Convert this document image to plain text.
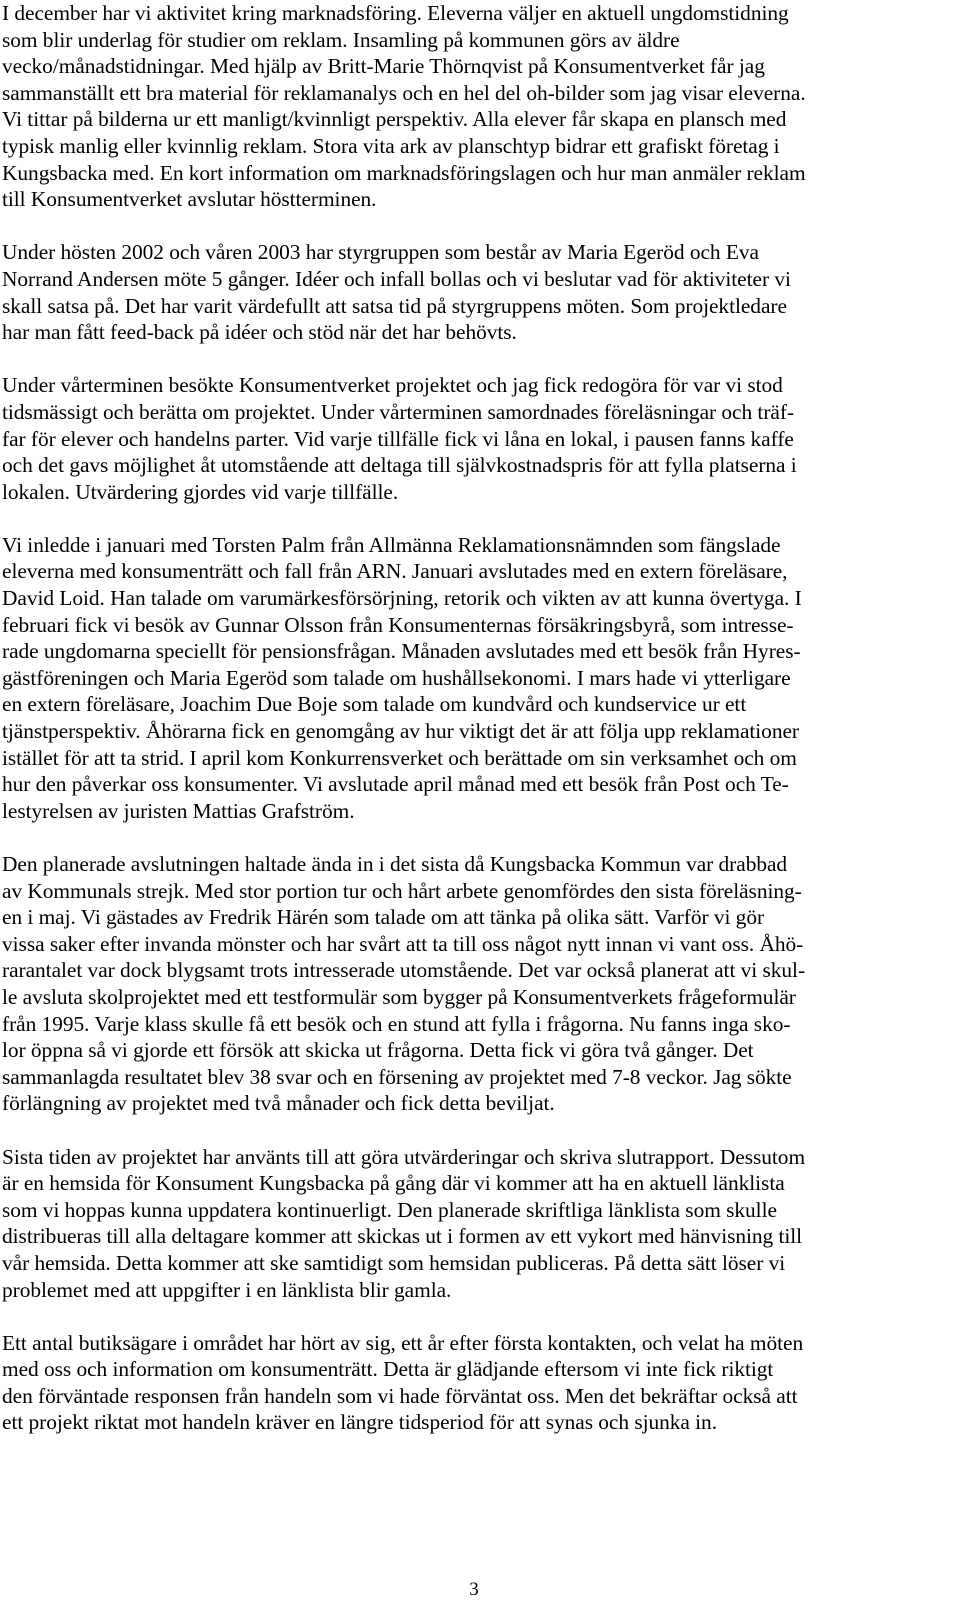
I december har vi aktivitet kring marknadsföring. Eleverna väljer en aktuell ungdomstidning
som blir underlag för studier om reklam. Insamling på kommunen görs av äldre
vecko/månadstidningar. Med hjälp av Britt-Marie Thörnqvist på Konsumentverket får jag
sammanställt ett bra material för reklamanalys och en hel del oh-bilder som jag visar eleverna.
Vi tittar på bilderna ur ett manligt/kvinnligt perspektiv. Alla elever får skapa en plansch med
typisk manlig eller kvinnlig reklam. Stora vita ark av planschtyp bidrar ett grafiskt företag i
Kungsbacka med. En kort information om marknadsföringslagen och hur man anmäler reklam
till Konsumentverket avslutar höstterminen.

Under hösten 2002 och våren 2003 har styrgruppen som består av Maria Egeröd och Eva
Norrand Andersen möte 5 gånger. Idéer och infall bollas och vi beslutar vad för aktiviteter vi
skall satsa på. Det har varit värdefullt att satsa tid på styrgruppens möten. Som projektledare
har man fått feed-back på idéer och stöd när det har behövts.

Under vårterminen besökte Konsumentverket projektet och jag fick redogöra för var vi stod
tidsmässigt och berätta om projektet. Under vårterminen samordnades föreläsningar och träf-
far för elever och handelns parter. Vid varje tillfälle fick vi låna en lokal, i pausen fanns kaffe
och det gavs möjlighet åt utomstående att deltaga till självkostnadspris för att fylla platserna i
lokalen. Utvärdering gjordes vid varje tillfälle.

Vi inledde i januari med Torsten Palm från Allmänna Reklamationsnämnden som fängslade
eleverna med konsumenträtt och fall från ARN. Januari avslutades med en extern föreläsare,
David Loid. Han talade om varumärkesförsörjning, retorik och vikten av att kunna övertyga. I
februari fick vi besök av Gunnar Olsson från Konsumenternas försäkringsbyrå, som intresse-
rade ungdomarna speciellt för pensionsfrågan. Månaden avslutades med ett besök från Hyres-
gästföreningen och Maria Egeröd som talade om hushållsekonomi. I mars hade vi ytterligare
en extern föreläsare, Joachim Due Boje som talade om kundvård och kundservice ur ett
tjänstperspektiv. Åhörarna fick en genomgång av hur viktigt det är att följa upp reklamationer
istället för att ta strid. I april kom Konkurrensverket och berättade om sin verksamhet och om
hur den påverkar oss konsumenter. Vi avslutade april månad med ett besök från Post och Te-
lestyrelsen av juristen Mattias Grafström.

Den planerade avslutningen haltade ända in i det sista då Kungsbacka Kommun var drabbad
av Kommunals strejk. Med stor portion tur och hårt arbete genomfördes den sista föreläsning-
en i maj. Vi gästades av Fredrik Härén som talade om att tänka på olika sätt. Varför vi gör
vissa saker efter invanda mönster och har svårt att ta till oss något nytt innan vi vant oss. Åhö-
rarantalet var dock blygsamt trots intresserade utomstående. Det var också planerat att vi skul-
le avsluta skolprojektet med ett testformulär som bygger på Konsumentverkets frågeformulär
från 1995. Varje klass skulle få ett besök och en stund att fylla i frågorna. Nu fanns inga sko-
lor öppna så vi gjorde ett försök att skicka ut frågorna. Detta fick vi göra två gånger. Det
sammanlagda resultatet blev 38 svar och en försening av projektet med 7-8 veckor. Jag sökte
förlängning av projektet med två månader och fick detta beviljat.

Sista tiden av projektet har använts till att göra utvärderingar och skriva slutrapport. Dessutom
är en hemsida för Konsument Kungsbacka på gång där vi kommer att ha en aktuell länklista
som vi hoppas kunna uppdatera kontinuerligt. Den planerade skriftliga länklista som skulle
distribueras till alla deltagare kommer att skickas ut i formen av ett vykort med hänvisning till
vår hemsida. Detta kommer att ske samtidigt som hemsidan publiceras. På detta sätt löser vi
problemet med att uppgifter i en länklista blir gamla.

Ett antal butiksägare i området har hört av sig, ett år efter första kontakten, och velat ha möten
med oss och information om konsumenträtt. Detta är glädjande eftersom vi inte fick riktigt
den förväntade responsen från handeln som vi hade förväntat oss. Men det bekräftar också att
ett projekt riktat mot handeln kräver en längre tidsperiod för att synas och sjunka in.

3
